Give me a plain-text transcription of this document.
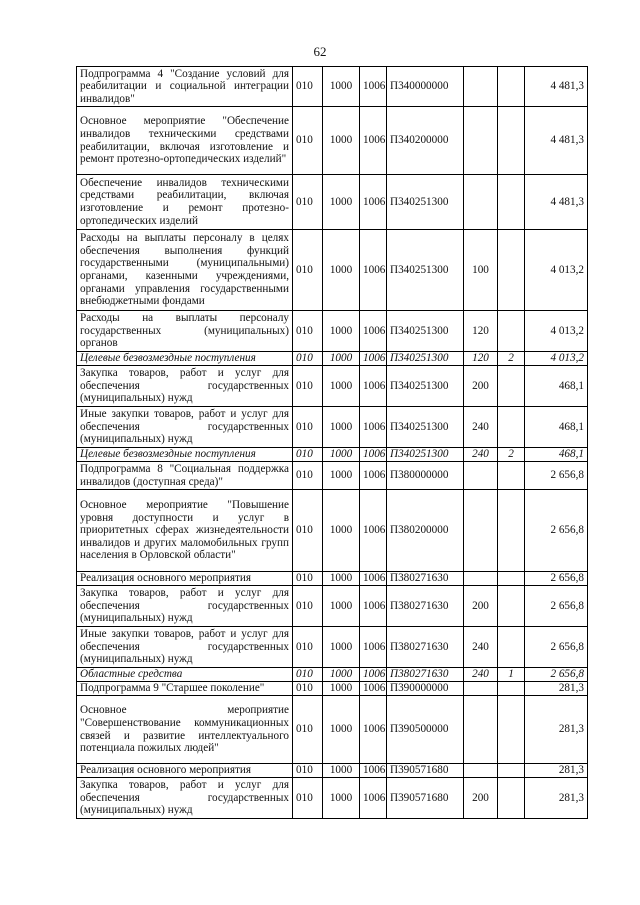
62
Подпрограмма 4 "Создание условий для реабилитации и социальной интеграции инвалидов"	010	1000	1006	П340000000			4 481,3
Основное мероприятие "Обеспечение инвалидов техническими средствами реабилитации, включая изготовление и ремонт протезно-ортопедических изделий"	010	1000	1006	П340200000			4 481,3
Обеспечение инвалидов техническими средствами реабилитации, включая изготовление и ремонт протезно-ортопедических изделий	010	1000	1006	П340251300			4 481,3
Расходы на выплаты персоналу в целях обеспечения выполнения функций государственными (муниципальными) органами, казенными учреждениями, органами управления государственными внебюджетными фондами	010	1000	1006	П340251300	100		4 013,2
Расходы на выплаты персоналу государственных (муниципальных) органов	010	1000	1006	П340251300	120		4 013,2
Целевые безвозмездные поступления	010	1000	1006	П340251300	120	2	4 013,2
Закупка товаров, работ и услуг для обеспечения государственных (муниципальных) нужд	010	1000	1006	П340251300	200		468,1
Иные закупки товаров, работ и услуг для обеспечения государственных (муниципальных) нужд	010	1000	1006	П340251300	240		468,1
Целевые безвозмездные поступления	010	1000	1006	П340251300	240	2	468,1
Подпрограмма 8 "Социальная поддержка инвалидов (доступная среда)"	010	1000	1006	П380000000			2 656,8
Основное мероприятие "Повышение уровня доступности и услуг в приоритетных сферах жизнедеятельности инвалидов и других маломобильных групп населения в Орловской области"	010	1000	1006	П380200000			2 656,8
Реализация основного мероприятия	010	1000	1006	П380271630			2 656,8
Закупка товаров, работ и услуг для обеспечения государственных (муниципальных) нужд	010	1000	1006	П380271630	200		2 656,8
Иные закупки товаров, работ и услуг для обеспечения государственных (муниципальных) нужд	010	1000	1006	П380271630	240		2 656,8
Областные средства	010	1000	1006	П380271630	240	1	2 656,8
Подпрограмма 9 "Старшее поколение"	010	1000	1006	П390000000			281,3
Основное мероприятие "Совершенствование коммуникационных связей и развитие интеллектуального потенциала пожилых людей"	010	1000	1006	П390500000			281,3
Реализация основного мероприятия	010	1000	1006	П390571680			281,3
Закупка товаров, работ и услуг для обеспечения государственных (муниципальных) нужд	010	1000	1006	П390571680	200		281,3
